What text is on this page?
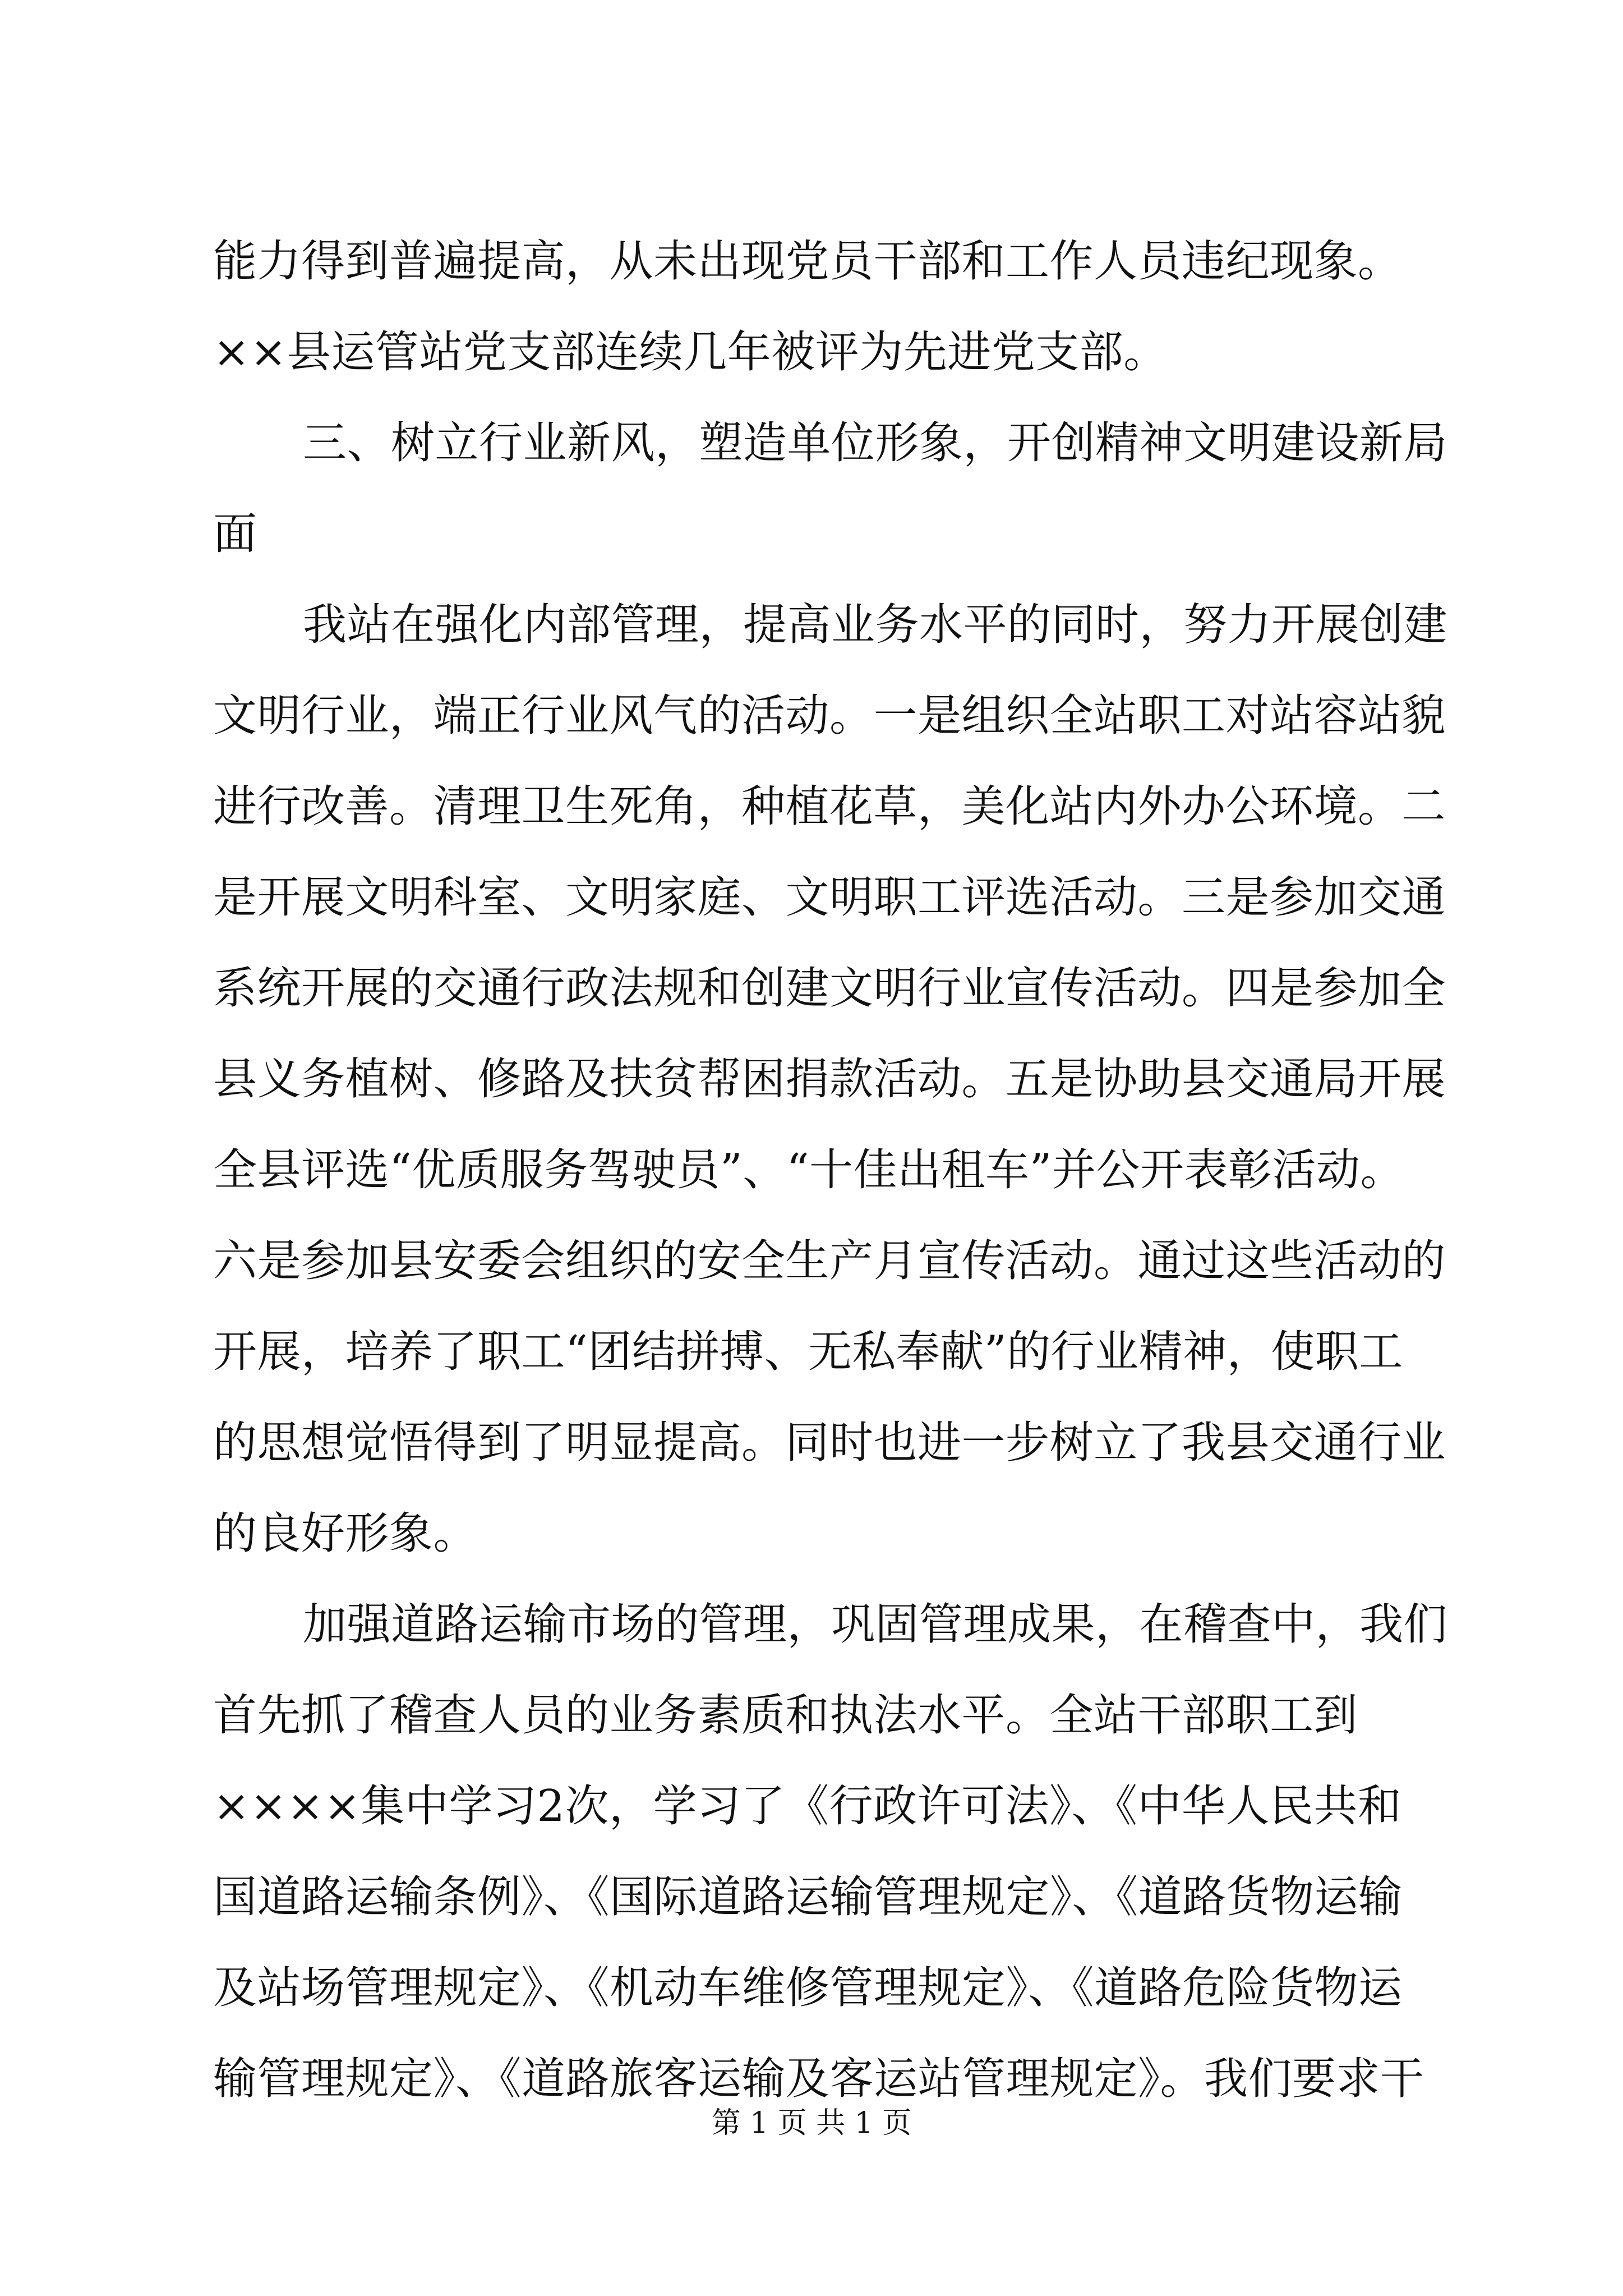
能力得到普遍提高，从未出现党员干部和工作人员违纪现象。
××县运管站党支部连续几年被评为先进党支部。
三、树立行业新风，塑造单位形象，开创精神文明建设新局
面
我站在强化内部管理，提高业务水平的同时，努力开展创建
文明行业，端正行业风气的活动。一是组织全站职工对站容站貌
进行改善。清理卫生死角，种植花草，美化站内外办公环境。二
是开展文明科室、文明家庭、文明职工评选活动。三是参加交通
系统开展的交通行政法规和创建文明行业宣传活动。四是参加全
县义务植树、修路及扶贫帮困捐款活动。五是协助县交通局开展
全县评选“优质服务驾驶员”、“十佳出租车”并公开表彰活动。
六是参加县安委会组织的安全生产月宣传活动。通过这些活动的
开展，培养了职工“团结拼搏、无私奉献”的行业精神，使职工
的思想觉悟得到了明显提高。同时也进一步树立了我县交通行业
的良好形象。
加强道路运输市场的管理，巩固管理成果，在稽查中，我们
首先抓了稽查人员的业务素质和执法水平。全站干部职工到
××××集中学习2次，学习了《行政许可法》、《中华人民共和
国道路运输条例》、《国际道路运输管理规定》、《道路货物运输
及站场管理规定》、《机动车维修管理规定》、《道路危险货物运
输管理规定》、《道路旅客运输及客运站管理规定》。我们要求干
第 1 页 共 1 页
